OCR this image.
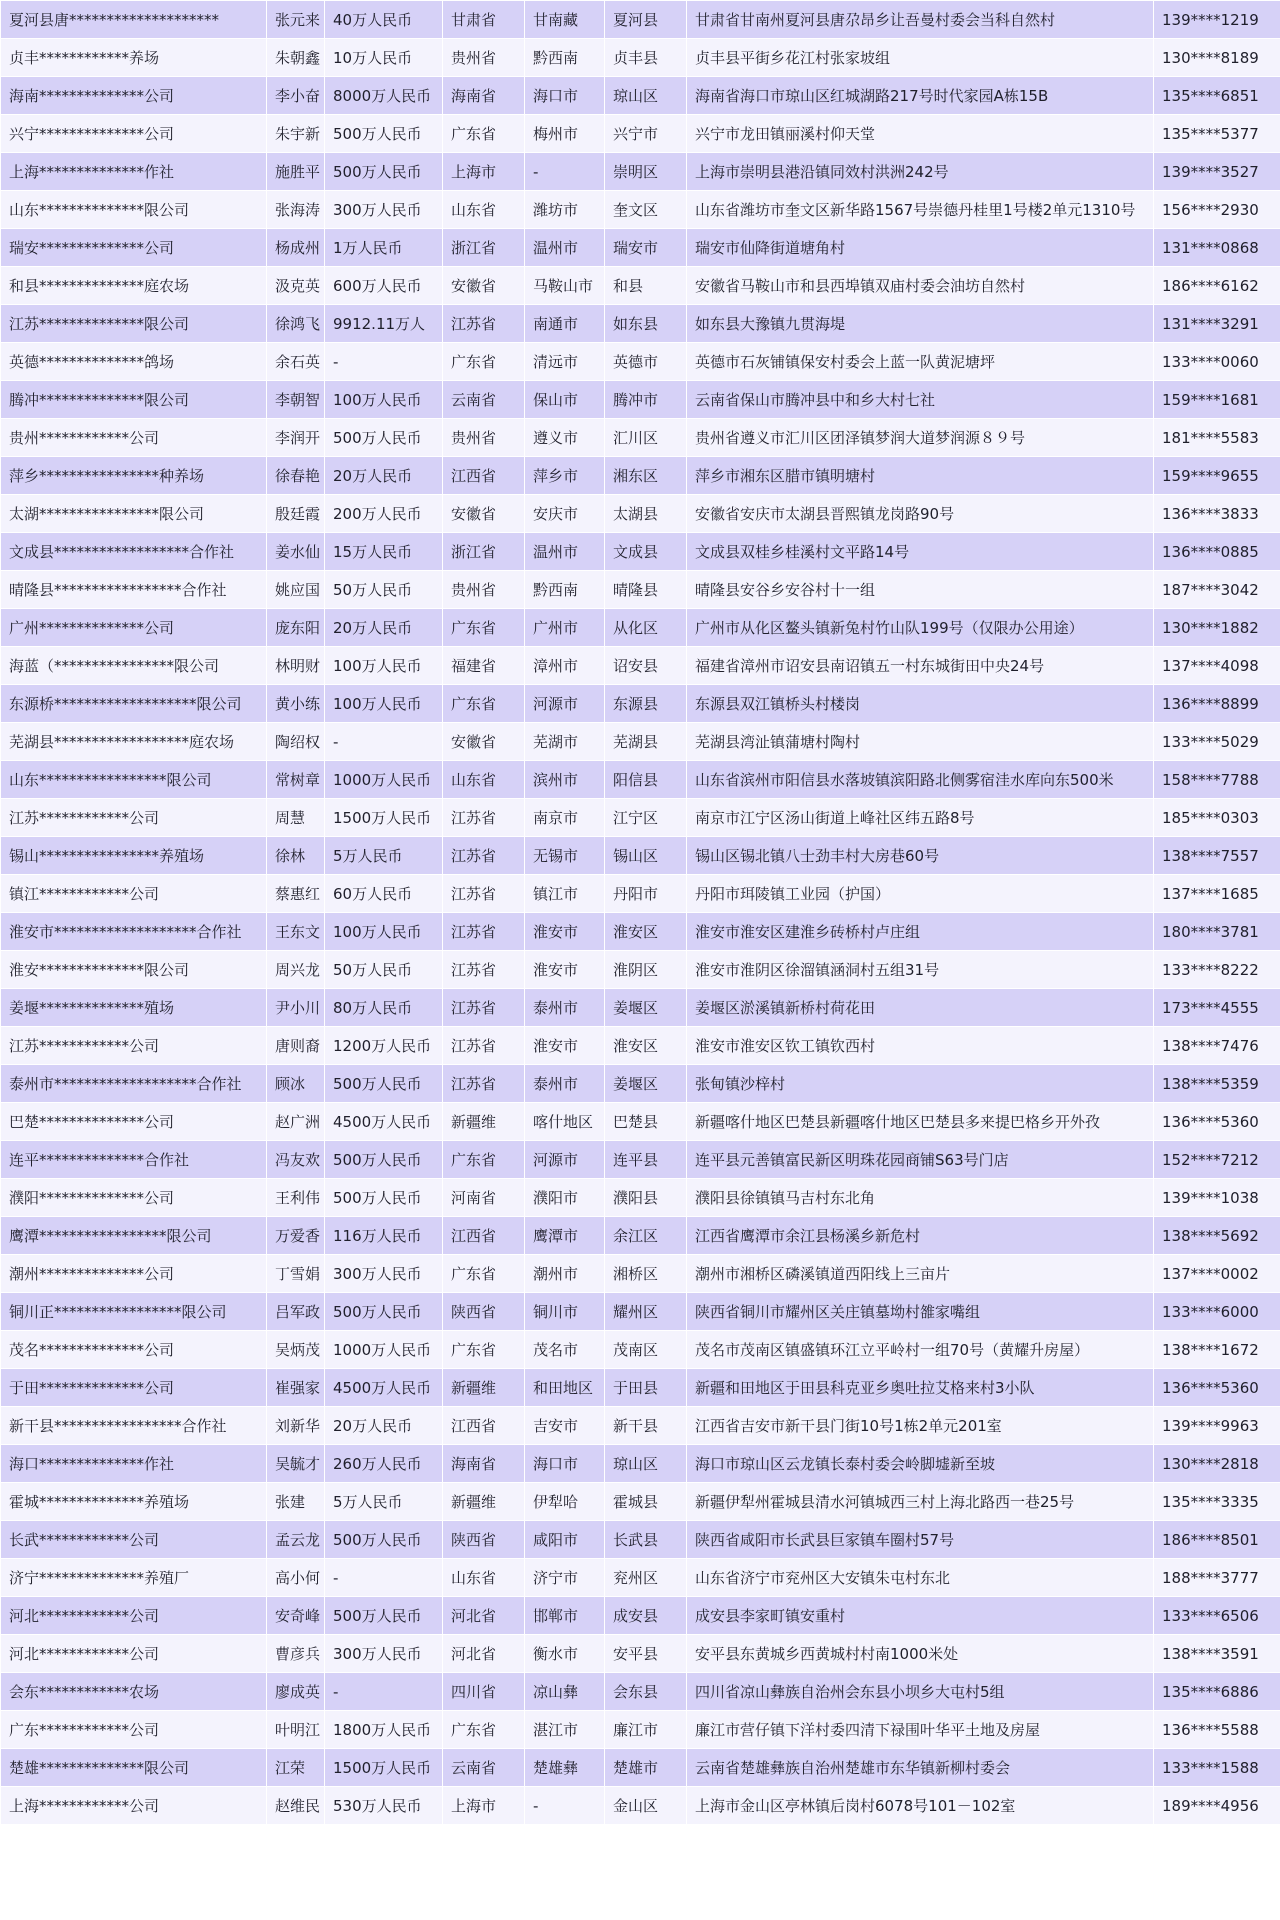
夏河县唐********************	张元来	40万人民币	甘肃省	甘南藏	夏河县	甘肃省甘南州夏河县唐尕昂乡让吾曼村委会当科自然村	139****1219
贞丰************养场	朱朝鑫	10万人民币	贵州省	黔西南	贞丰县	贞丰县平街乡花江村张家坡组	130****8189
海南**************公司	李小奋	8000万人民币	海南省	海口市	琼山区	海南省海口市琼山区红城湖路217号时代家园A栋15B	135****6851
兴宁**************公司	朱宇新	500万人民币	广东省	梅州市	兴宁市	兴宁市龙田镇丽溪村仰天堂	135****5377
上海**************作社	施胜平	500万人民币	上海市	-	崇明区	上海市崇明县港沿镇同效村洪洲242号	139****3527
山东**************限公司	张海涛	300万人民币	山东省	潍坊市	奎文区	山东省潍坊市奎文区新华路1567号崇德丹桂里1号楼2单元1310号	156****2930
瑞安**************公司	杨成州	1万人民币	浙江省	温州市	瑞安市	瑞安市仙降街道塘角村	131****0868
和县**************庭农场	汲克英	600万人民币	安徽省	马鞍山市	和县	安徽省马鞍山市和县西埠镇双庙村委会油坊自然村	186****6162
江苏**************限公司	徐鸿飞	9912.11万人	江苏省	南通市	如东县	如东县大豫镇九贯海堤	131****3291
英德**************鸽场	余石英	-	广东省	清远市	英德市	英德市石灰铺镇保安村委会上蓝一队黄泥塘坪	133****0060
腾冲**************限公司	李朝智	100万人民币	云南省	保山市	腾冲市	云南省保山市腾冲县中和乡大村七社	159****1681
贵州************公司	李润开	500万人民币	贵州省	遵义市	汇川区	贵州省遵义市汇川区团泽镇梦润大道梦润源８９号	181****5583
萍乡****************种养场	徐春艳	20万人民币	江西省	萍乡市	湘东区	萍乡市湘东区腊市镇明塘村	159****9655
太湖****************限公司	殷廷霞	200万人民币	安徽省	安庆市	太湖县	安徽省安庆市太湖县晋熙镇龙岗路90号	136****3833
文成县******************合作社	姜水仙	15万人民币	浙江省	温州市	文成县	文成县双桂乡桂溪村文平路14号	136****0885
晴隆县*****************合作社	姚应国	50万人民币	贵州省	黔西南	晴隆县	晴隆县安谷乡安谷村十一组	187****3042
广州**************公司	庞东阳	20万人民币	广东省	广州市	从化区	广州市从化区鳌头镇新兔村竹山队199号（仅限办公用途）	130****1882
海蓝（****************限公司	林明财	100万人民币	福建省	漳州市	诏安县	福建省漳州市诏安县南诏镇五一村东城街田中央24号	137****4098
东源桥*******************限公司	黄小练	100万人民币	广东省	河源市	东源县	东源县双江镇桥头村楼岗	136****8899
芜湖县******************庭农场	陶绍权	-	安徽省	芜湖市	芜湖县	芜湖县湾沚镇蒲塘村陶村	133****5029
山东*****************限公司	常树章	1000万人民币	山东省	滨州市	阳信县	山东省滨州市阳信县水落坡镇滨阳路北侧雾宿洼水库向东500米	158****7788
江苏************公司	周慧	1500万人民币	江苏省	南京市	江宁区	南京市江宁区汤山街道上峰社区纬五路8号	185****0303
锡山****************养殖场	徐林	5万人民币	江苏省	无锡市	锡山区	锡山区锡北镇八士劲丰村大房巷60号	138****7557
镇江************公司	蔡惠红	60万人民币	江苏省	镇江市	丹阳市	丹阳市珥陵镇工业园（护国）	137****1685
淮安市*******************合作社	王东文	100万人民币	江苏省	淮安市	淮安区	淮安市淮安区建淮乡砖桥村卢庄组	180****3781
淮安**************限公司	周兴龙	50万人民币	江苏省	淮安市	淮阴区	淮安市淮阴区徐溜镇涵洞村五组31号	133****8222
姜堰**************殖场	尹小川	80万人民币	江苏省	泰州市	姜堰区	姜堰区淤溪镇新桥村荷花田	173****4555
江苏************公司	唐则裔	1200万人民币	江苏省	淮安市	淮安区	淮安市淮安区钦工镇钦西村	138****7476
泰州市*******************合作社	顾冰	500万人民币	江苏省	泰州市	姜堰区	张甸镇沙梓村	138****5359
巴楚**************公司	赵广洲	4500万人民币	新疆维	喀什地区	巴楚县	新疆喀什地区巴楚县新疆喀什地区巴楚县多来提巴格乡开外孜	136****5360
连平**************合作社	冯友欢	500万人民币	广东省	河源市	连平县	连平县元善镇富民新区明珠花园商铺S63号门店	152****7212
濮阳**************公司	王利伟	500万人民币	河南省	濮阳市	濮阳县	濮阳县徐镇镇马吉村东北角	139****1038
鹰潭*****************限公司	万爱香	116万人民币	江西省	鹰潭市	余江区	江西省鹰潭市余江县杨溪乡新危村	138****5692
潮州**************公司	丁雪娟	300万人民币	广东省	潮州市	湘桥区	潮州市湘桥区磷溪镇道西阳线上三亩片	137****0002
铜川正*****************限公司	吕军政	500万人民币	陕西省	铜川市	耀州区	陕西省铜川市耀州区关庄镇墓坳村雒家嘴组	133****6000
茂名**************公司	吴炳茂	1000万人民币	广东省	茂名市	茂南区	茂名市茂南区镇盛镇环江立平岭村一组70号（黄耀升房屋）	138****1672
于田**************公司	崔强家	4500万人民币	新疆维	和田地区	于田县	新疆和田地区于田县科克亚乡奥吐拉艾格来村3小队	136****5360
新干县*****************合作社	刘新华	20万人民币	江西省	吉安市	新干县	江西省吉安市新干县门街10号1栋2单元201室	139****9963
海口**************作社	吴毓才	260万人民币	海南省	海口市	琼山区	海口市琼山区云龙镇长泰村委会岭脚墟新至坡	130****2818
霍城**************养殖场	张建	5万人民币	新疆维	伊犁哈	霍城县	新疆伊犁州霍城县清水河镇城西三村上海北路西一巷25号	135****3335
长武************公司	孟云龙	500万人民币	陕西省	咸阳市	长武县	陕西省咸阳市长武县巨家镇车圈村57号	186****8501
济宁**************养殖厂	高小何	-	山东省	济宁市	兖州区	山东省济宁市兖州区大安镇朱屯村东北	188****3777
河北************公司	安奇峰	500万人民币	河北省	邯郸市	成安县	成安县李家町镇安重村	133****6506
河北************公司	曹彦兵	300万人民币	河北省	衡水市	安平县	安平县东黄城乡西黄城村村南1000米处	138****3591
会东************农场	廖成英	-	四川省	凉山彝	会东县	四川省凉山彝族自治州会东县小坝乡大屯村5组	135****6886
广东************公司	叶明江	1800万人民币	广东省	湛江市	廉江市	廉江市营仔镇下洋村委四清下禄围叶华平土地及房屋	136****5588
楚雄**************限公司	江荣	1500万人民币	云南省	楚雄彝	楚雄市	云南省楚雄彝族自治州楚雄市东华镇新柳村委会	133****1588
上海************公司	赵维民	530万人民币	上海市	-	金山区	上海市金山区亭林镇后岗村6078号101－102室	189****4956
